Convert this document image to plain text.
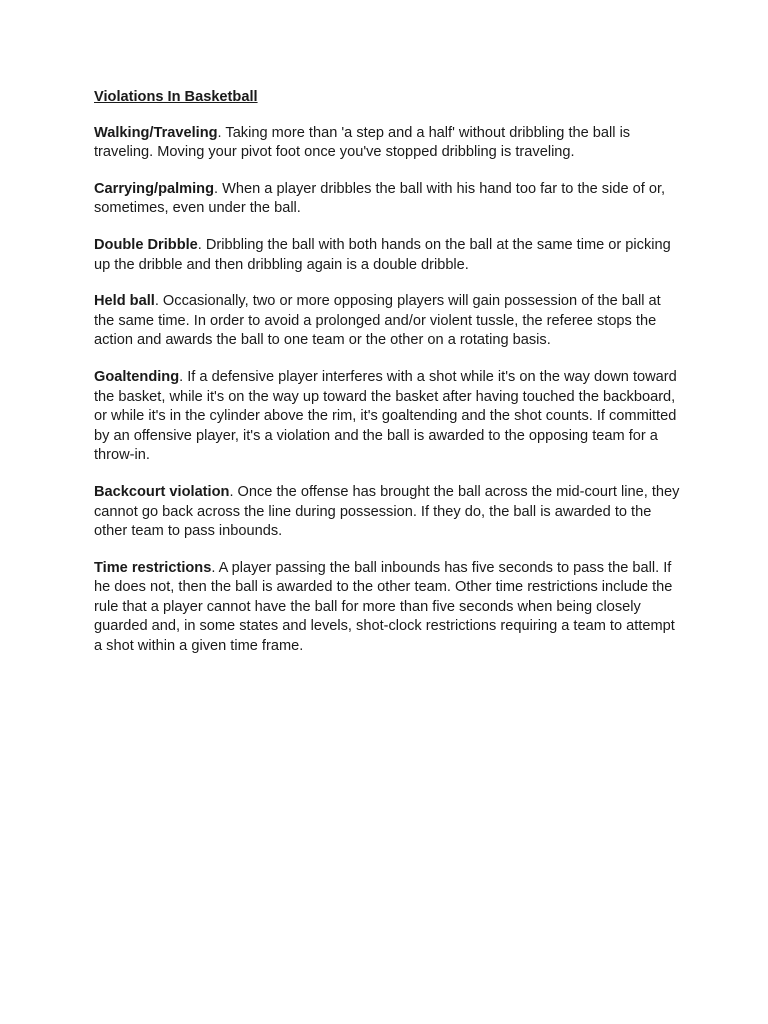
Violations In Basketball

Walking/Traveling. Taking more than 'a step and a half' without dribbling the ball is traveling. Moving your pivot foot once you've stopped dribbling is traveling.

Carrying/palming. When a player dribbles the ball with his hand too far to the side of or, sometimes, even under the ball.

Double Dribble. Dribbling the ball with both hands on the ball at the same time or picking up the dribble and then dribbling again is a double dribble.

Held ball. Occasionally, two or more opposing players will gain possession of the ball at the same time. In order to avoid a prolonged and/or violent tussle, the referee stops the action and awards the ball to one team or the other on a rotating basis.

Goaltending. If a defensive player interferes with a shot while it's on the way down toward the basket, while it's on the way up toward the basket after having touched the backboard, or while it's in the cylinder above the rim, it's goaltending and the shot counts. If committed by an offensive player, it's a violation and the ball is awarded to the opposing team for a throw-in.

Backcourt violation. Once the offense has brought the ball across the mid-court line, they cannot go back across the line during possession. If they do, the ball is awarded to the other team to pass inbounds.

Time restrictions. A player passing the ball inbounds has five seconds to pass the ball. If he does not, then the ball is awarded to the other team. Other time restrictions include the rule that a player cannot have the ball for more than five seconds when being closely guarded and, in some states and levels, shot-clock restrictions requiring a team to attempt a shot within a given time frame.
